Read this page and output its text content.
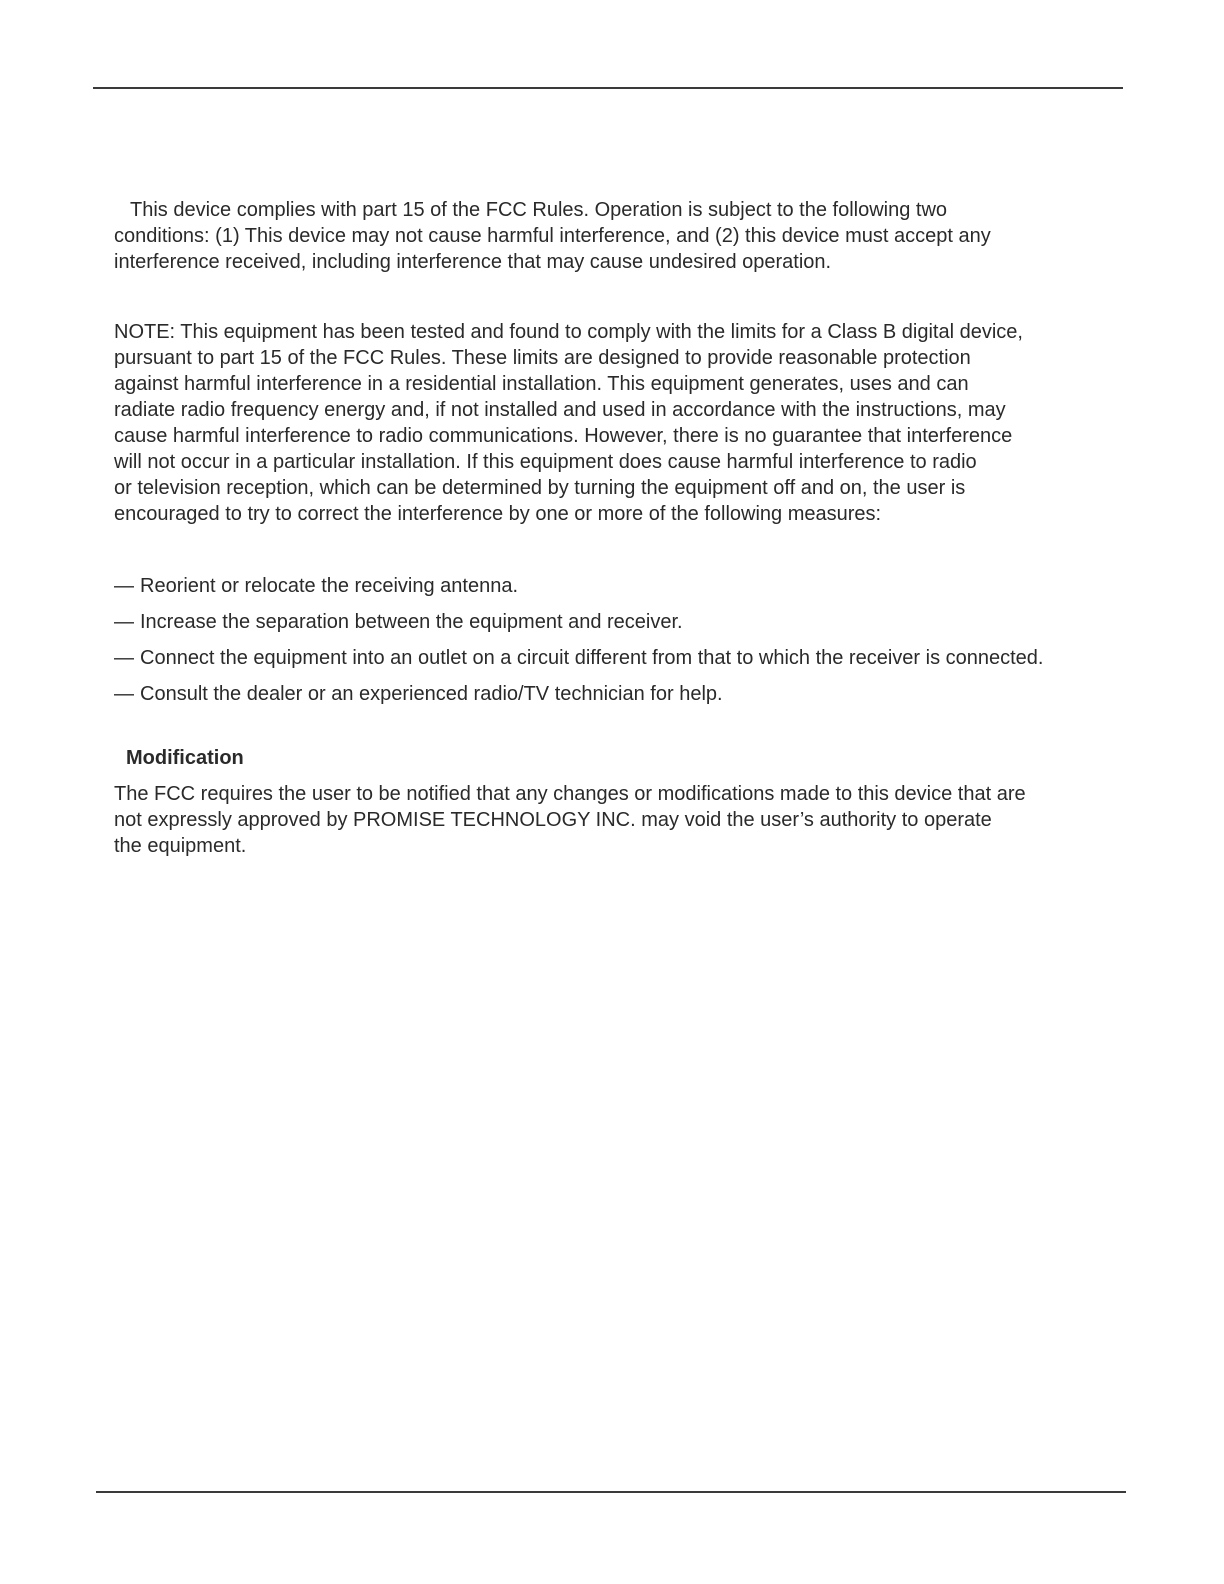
This device complies with part 15 of the FCC Rules. Operation is subject to the following two
conditions: (1) This device may not cause harmful interference, and (2) this device must accept any
interference received, including interference that may cause undesired operation.

NOTE: This equipment has been tested and found to comply with the limits for a Class B digital device,
pursuant to part 15 of the FCC Rules. These limits are designed to provide reasonable protection
against harmful interference in a residential installation. This equipment generates, uses and can
radiate radio frequency energy and, if not installed and used in accordance with the instructions, may
cause harmful interference to radio communications. However, there is no guarantee that interference
will not occur in a particular installation. If this equipment does cause harmful interference to radio
or television reception, which can be determined by turning the equipment off and on, the user is
encouraged to try to correct the interference by one or more of the following measures:

— Reorient or relocate the receiving antenna.
— Increase the separation between the equipment and receiver.
— Connect the equipment into an outlet on a circuit different from that to which the receiver is connected.
— Consult the dealer or an experienced radio/TV technician for help.

Modification

The FCC requires the user to be notified that any changes or modifications made to this device that are
not expressly approved by PROMISE TECHNOLOGY INC. may void the user’s authority to operate
the equipment.
